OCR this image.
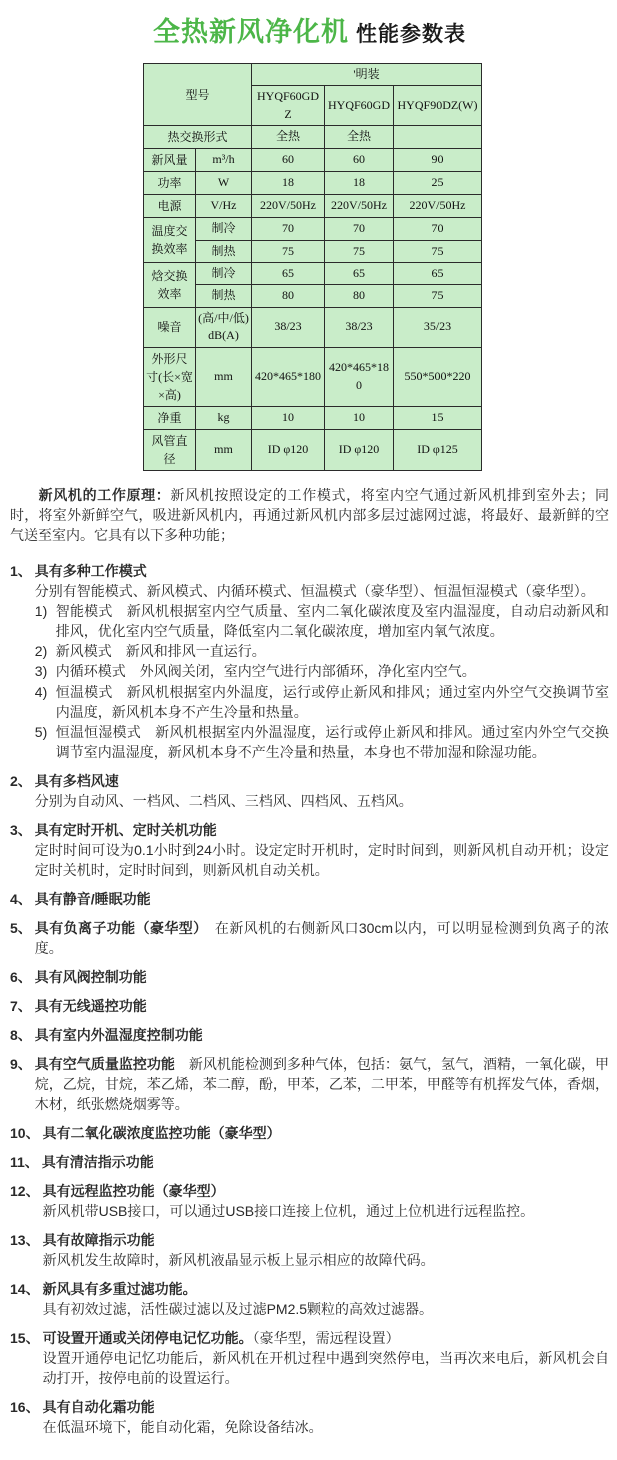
全热新风净化机 性能参数表
型号		'明装		
		HYQF60GDZ	HYQF60GD	HYQF90DZ(W)
热交换形式		全热	全热	
新风量	m³/h	60	60	90
功率	W	18	18	25
电源	V/Hz	220V/50Hz	220V/50Hz	220V/50Hz
温度交换效率	制冷	70	70	70
	制热	75	75	75
焓交换效率	制冷	65	65	65
	制热	80	80	75
噪音	(高/中/低)dB(A)	38/23	38/23	35/23
外形尺寸(长×宽×高)	mm	420*465*180	420*465*180	550*500*220
净重	kg	10	10	15
风管直径	mm	ID φ120	ID φ120	ID φ125

新风机的工作原理：新风机按照设定的工作模式，将室内空气通过新风机排到室外去；同时，将室外新鲜空气，吸进新风机内，再通过新风机内部多层过滤网过滤，将最好、最新鲜的空气送至室内。它具有以下多种功能；

1、 具有多种工作模式

分别有智能模式、新风模式、内循环模式、恒温模式（豪华型）、恒温恒湿模式（豪华型）。

1) 智能模式　新风机根据室内空气质量、室内二氧化碳浓度及室内温湿度，自动启动新风和排风，优化室内空气质量，降低室内二氧化碳浓度，增加室内氧气浓度。
2) 新风模式　新风和排风一直运行。
3) 内循环模式　外风阀关闭，室内空气进行内部循环，净化室内空气。
4) 恒温模式　新风机根据室内外温度，运行或停止新风和排风；通过室内外空气交换调节室内温度，新风机本身不产生冷量和热量。
5) 恒温恒湿模式　新风机根据室内外温湿度，运行或停止新风和排风。通过室内外空气交换调节室内温湿度，新风机本身不产生冷量和热量，本身也不带加湿和除湿功能。
2、 具有多档风速

分别为自动风、一档风、二档风、三档风、四档风、五档风。

3、 具有定时开机、定时关机功能

定时时间可设为0.1小时到24小时。设定定时开机时，定时时间到，则新风机自动开机；设定定时关机时，定时时间到，则新风机自动关机。

4、 具有静音/睡眠功能
5、 具有负离子功能（豪华型）　在新风机的右侧新风口30cm以内，可以明显检测到负离子的浓度。
6、 具有风阀控制功能
7、 具有无线遥控功能
8、 具有室内外温湿度控制功能
9、 具有空气质量监控功能　新风机能检测到多种气体，包括：氨气，氢气，酒精，一氧化碳，甲烷，乙烷，甘烷，苯乙烯，苯二醇，酚，甲苯，乙苯，二甲苯，甲醛等有机挥发气体，香烟，木材，纸张燃烧烟雾等。
10、 具有二氧化碳浓度监控功能（豪华型）
11、 具有清洁指示功能
12、 具有远程监控功能（豪华型）

新风机带USB接口，可以通过USB接口连接上位机，通过上位机进行远程监控。

13、 具有故障指示功能

新风机发生故障时，新风机液晶显示板上显示相应的故障代码。

14、 新风具有多重过滤功能。

具有初效过滤，活性碳过滤以及过滤PM2.5颗粒的高效过滤器。

15、 可设置开通或关闭停电记忆功能。（豪华型，需远程设置）

设置开通停电记忆功能后，新风机在开机过程中遇到突然停电，当再次来电后，新风机会自动打开，按停电前的设置运行。

16、 具有自动化霜功能

在低温环境下，能自动化霜，免除设备结冰。
